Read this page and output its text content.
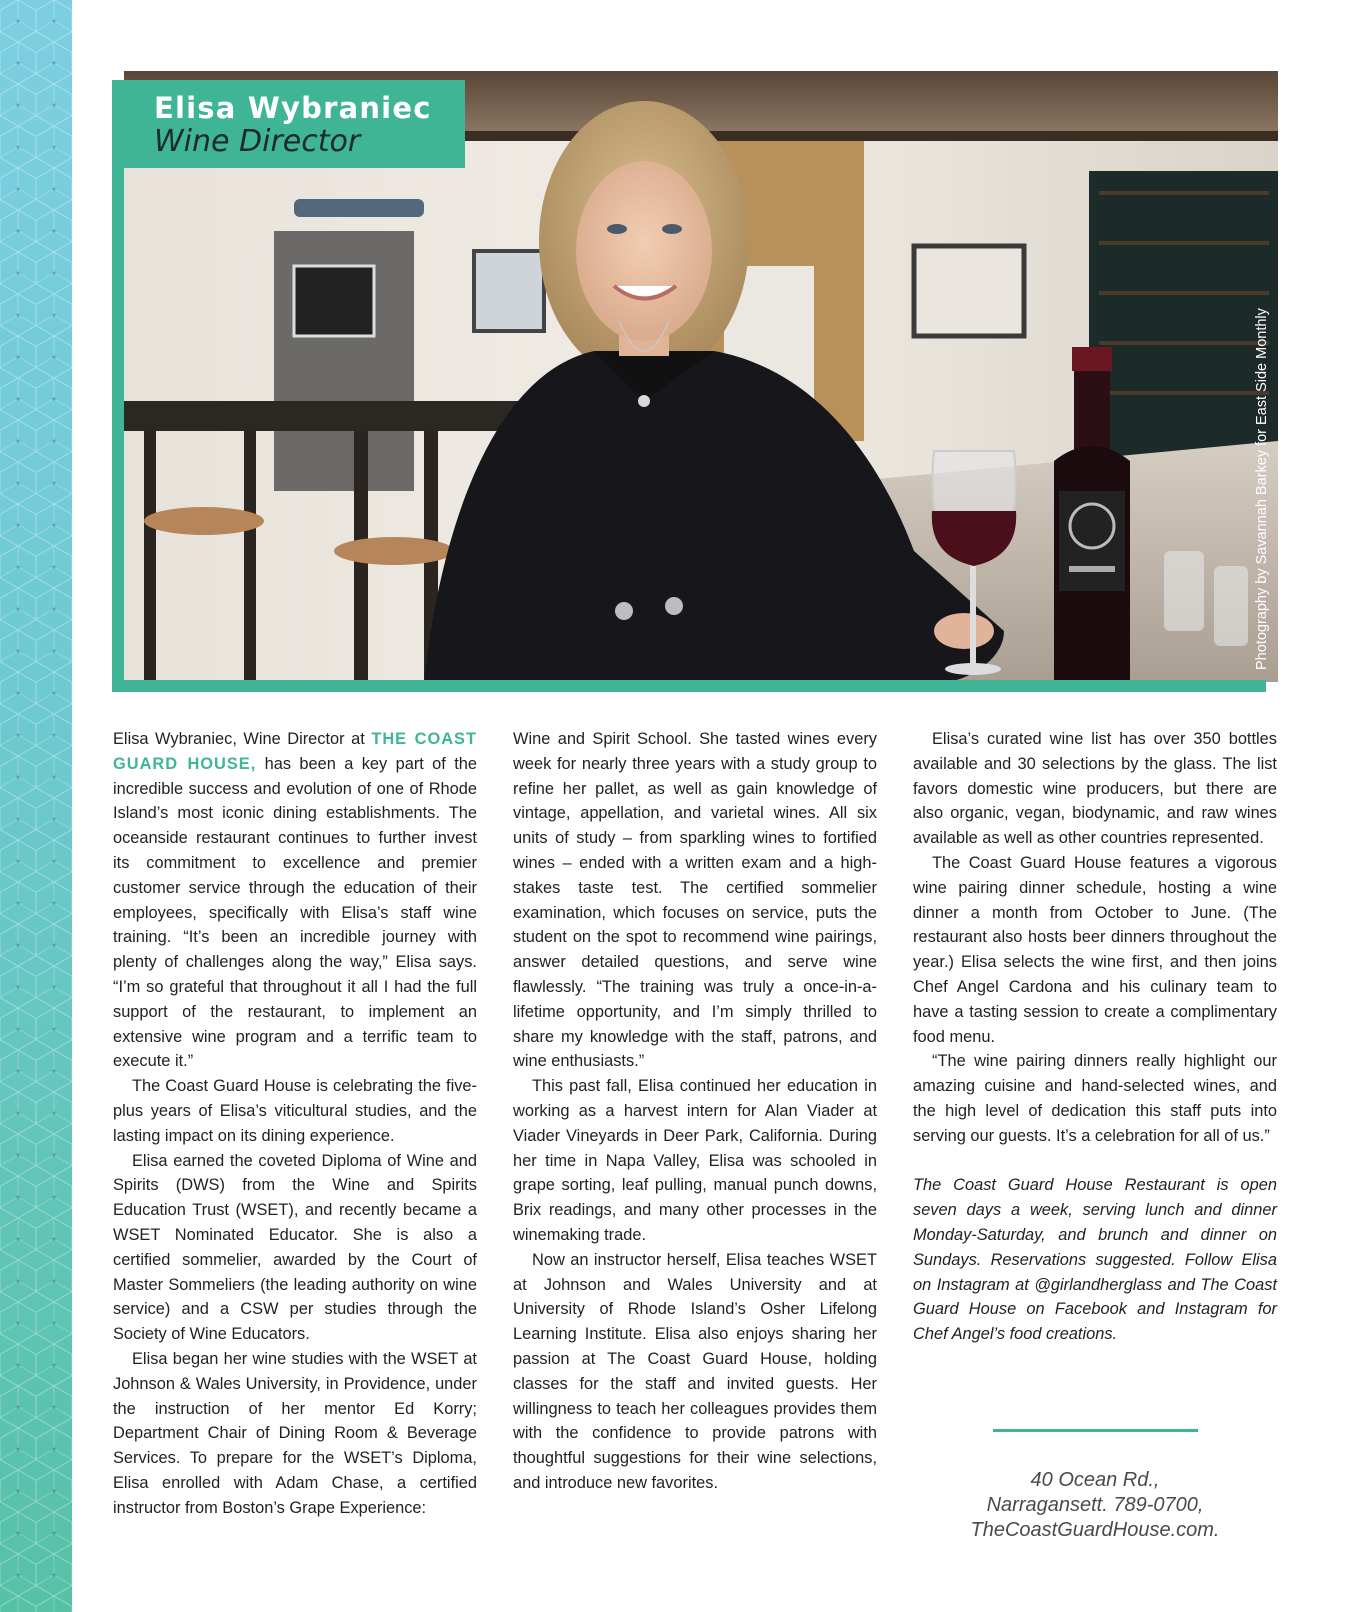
Elisa Wybraniec
Wine Director
Photography by Savannah Barkey for East Side Monthly

Elisa Wybraniec, Wine Director at THE COAST GUARD HOUSE, has been a key part of the incredible success and evolution of one of Rhode Island’s most iconic dining establishments. The oceanside restaurant continues to further invest its commitment to excellence and premier customer service through the education of their employees, specifically with Elisa’s staff wine training. “It’s been an incredible journey with plenty of challenges along the way,” Elisa says. “I’m so grateful that throughout it all I had the full support of the restaurant, to implement an extensive wine program and a terrific team to execute it.”

The Coast Guard House is celebrating the five-plus years of Elisa’s viticultural studies, and the lasting impact on its dining experience.

Elisa earned the coveted Diploma of Wine and Spirits (DWS) from the Wine and Spirits Education Trust (WSET), and recently became a WSET Nominated Educator. She is also a certified sommelier, awarded by the Court of Master Sommeliers (the leading authority on wine service) and a CSW per studies through the Society of Wine Educators.

Elisa began her wine studies with the WSET at Johnson & Wales University, in Providence, under the instruction of her mentor Ed Korry; Department Chair of Dining Room & Beverage Services. To prepare for the WSET’s Diploma, Elisa enrolled with Adam Chase, a certified instructor from Boston’s Grape Experience:

Wine and Spirit School. She tasted wines every week for nearly three years with a study group to refine her pallet, as well as gain knowledge of vintage, appellation, and varietal wines. All six units of study – from sparkling wines to fortified wines – ended with a written exam and a high-stakes taste test. The certified sommelier examination, which focuses on service, puts the student on the spot to recommend wine pairings, answer detailed questions, and serve wine flawlessly. “The training was truly a once-in-a-lifetime opportunity, and I’m simply thrilled to share my knowledge with the staff, patrons, and wine enthusiasts.”

This past fall, Elisa continued her education in working as a harvest intern for Alan Viader at Viader Vineyards in Deer Park, California. During her time in Napa Valley, Elisa was schooled in grape sorting, leaf pulling, manual punch downs, Brix readings, and many other processes in the winemaking trade.

Now an instructor herself, Elisa teaches WSET at Johnson and Wales University and at University of Rhode Island’s Osher Lifelong Learning Institute. Elisa also enjoys sharing her passion at The Coast Guard House, holding classes for the staff and invited guests. Her willingness to teach her colleagues provides them with the confidence to provide patrons with thoughtful suggestions for their wine selections, and introduce new favorites.

Elisa’s curated wine list has over 350 bottles available and 30 selections by the glass. The list favors domestic wine producers, but there are also organic, vegan, biodynamic, and raw wines available as well as other countries represented.

The Coast Guard House features a vigorous wine pairing dinner schedule, hosting a wine dinner a month from October to June. (The restaurant also hosts beer dinners throughout the year.) Elisa selects the wine first, and then joins Chef Angel Cardona and his culinary team to have a tasting session to create a complimentary food menu.

“The wine pairing dinners really highlight our amazing cuisine and hand-selected wines, and the high level of dedication this staff puts into serving our guests. It’s a celebration for all of us.”

The Coast Guard House Restaurant is open seven days a week, serving lunch and dinner Monday-Saturday, and brunch and dinner on Sundays. Reservations suggested. Follow Elisa on Instagram at @girlandherglass and The Coast Guard House on Facebook and Instagram for Chef Angel’s food creations.

40 Ocean Rd.,
Narragansett. 789-0700,
TheCoastGuardHouse.com.
